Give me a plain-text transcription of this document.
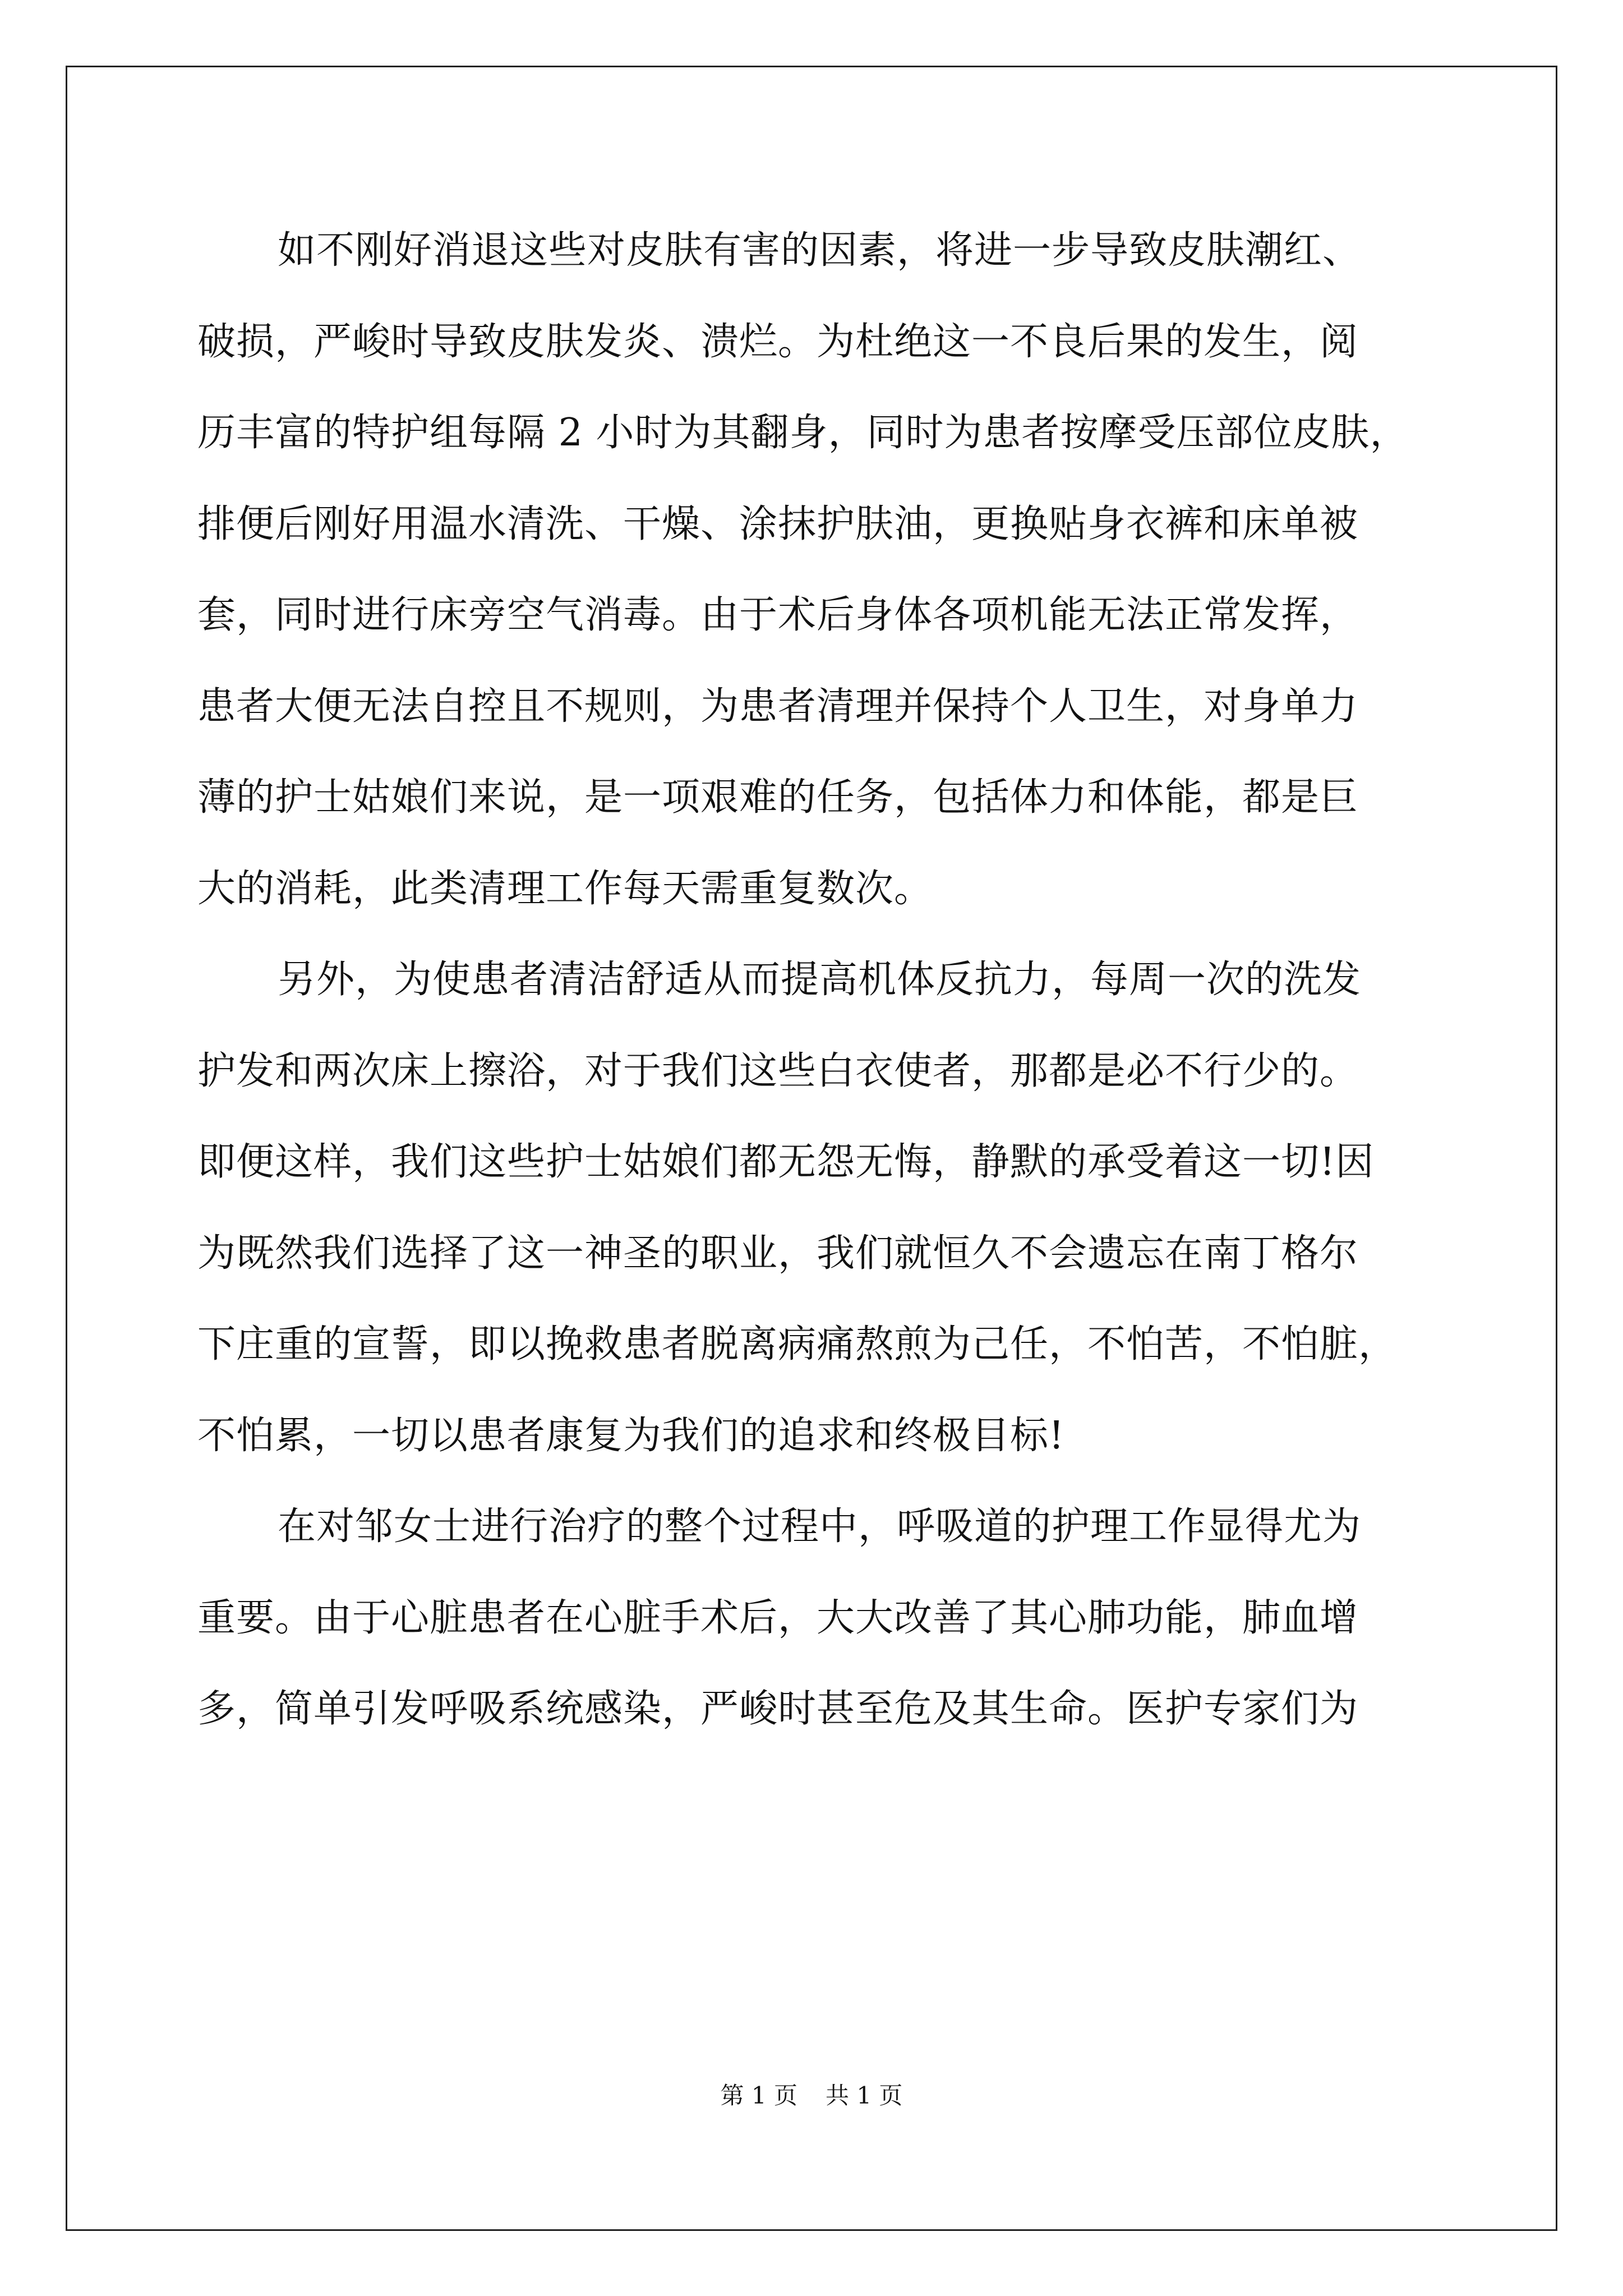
如不刚好消退这些对皮肤有害的因素，将进一步导致皮肤潮红、
破损，严峻时导致皮肤发炎、溃烂。为杜绝这一不良后果的发生，阅
历丰富的特护组每隔 2 小时为其翻身，同时为患者按摩受压部位皮肤，
排便后刚好用温水清洗、干燥、涂抹护肤油，更换贴身衣裤和床单被
套，同时进行床旁空气消毒。由于术后身体各项机能无法正常发挥，
患者大便无法自控且不规则，为患者清理并保持个人卫生，对身单力
薄的护士姑娘们来说，是一项艰难的任务，包括体力和体能，都是巨
大的消耗，此类清理工作每天需重复数次。
另外，为使患者清洁舒适从而提高机体反抗力，每周一次的洗发
护发和两次床上擦浴，对于我们这些白衣使者，那都是必不行少的。
即便这样，我们这些护士姑娘们都无怨无悔，静默的承受着这一切!因
为既然我们选择了这一神圣的职业，我们就恒久不会遗忘在南丁格尔
下庄重的宣誓，即以挽救患者脱离病痛熬煎为己任，不怕苦，不怕脏，
不怕累，一切以患者康复为我们的追求和终极目标!
在对邹女士进行治疗的整个过程中，呼吸道的护理工作显得尤为
重要。由于心脏患者在心脏手术后，大大改善了其心肺功能，肺血增
多，简单引发呼吸系统感染，严峻时甚至危及其生命。医护专家们为
第 1 页 共 1 页
